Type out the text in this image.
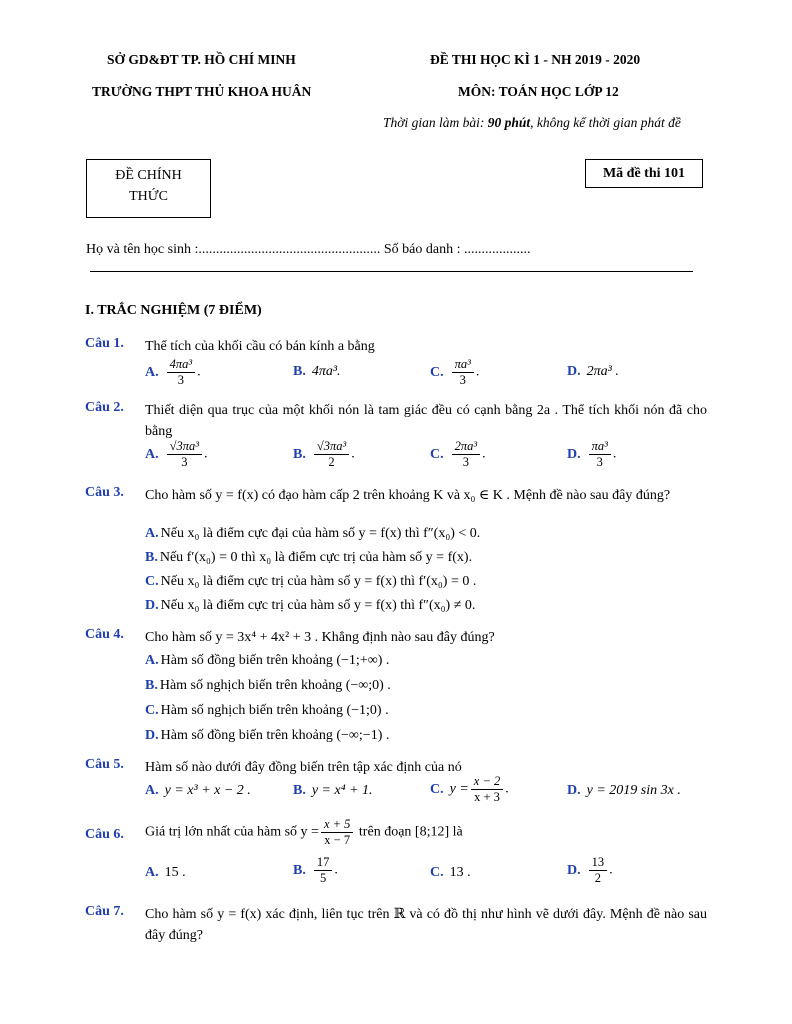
SỞ GD&ĐT TP. HỒ CHÍ MINH
TRƯỜNG THPT THỦ KHOA HUÂN
ĐỀ THI HỌC KÌ 1 - NH 2019 - 2020
MÔN: TOÁN HỌC LỚP 12
Thời gian làm bài: 90 phút, không kể thời gian phát đề
ĐỀ CHÍNH
THỨC
Mã đề thi 101
Họ và tên học sinh :.................................................... Số báo danh : ...................
I. TRẮC NGHIỆM (7 ĐIỂM)
Câu 1. Thể tích của khối cầu có bán kính a bằng
A. $\frac{\text{4πa³}}{3}$ .	B. 4πa³.	C. $\frac{\text{πa³}}{3}$ .	D. 2πa³ .
Câu 2. Thiết diện qua trục của một khối nón là tam giác đều có cạnh bằng 2a . Thể tích khối nón đã cho bằng
A. $\frac{\text{√3πa³}}{3}$ .	B. $\frac{\text{√3πa³}}{2}$ .	C. $\frac{\text{2πa³}}{3}$ .	D. $\frac{\text{πa³}}{3}$ .
Câu 3. Cho hàm số y = f(x) có đạo hàm cấp 2 trên khoảng K và x₀ ∈ K . Mệnh đề nào sau đây đúng?
A. Nếu x₀ là điểm cực đại của hàm số y = f(x) thì f″(x₀) < 0.
B. Nếu f′(x₀) = 0 thì x₀ là điểm cực trị của hàm số y = f(x).
C. Nếu x₀ là điểm cực trị của hàm số y = f(x) thì f′(x₀) = 0 .
D. Nếu x₀ là điểm cực trị của hàm số y = f(x) thì f″(x₀) ≠ 0.
Câu 4. Cho hàm số y = 3x⁴ + 4x² + 3 . Khẳng định nào sau đây đúng?
A. Hàm số đồng biến trên khoảng (−1;+∞) .
B. Hàm số nghịch biến trên khoảng (−∞;0) .
C. Hàm số nghịch biến trên khoảng (−1;0) .
D. Hàm số đồng biến trên khoảng (−∞;−1) .
Câu 5. Hàm số nào dưới đây đồng biến trên tập xác định của nó
A. y = x³ + x − 2 .	B. y = x⁴ + 1.	C. $y = \frac{x - 2}{x + 3}$ .	D. y = 2019 sin 3x .
Câu 6. Giá trị lớn nhất của hàm số $y = \frac{x + 5}{x - 7}$ trên đoạn [8;12] là
A. 15 .	B. $\frac{17}{5}$ .	C. 13 .	D. $\frac{13}{2}$ .
Câu 7. Cho hàm số y = f(x) xác định, liên tục trên ℝ và có đồ thị như hình vẽ dưới đây. Mệnh đề nào sau đây đúng?
